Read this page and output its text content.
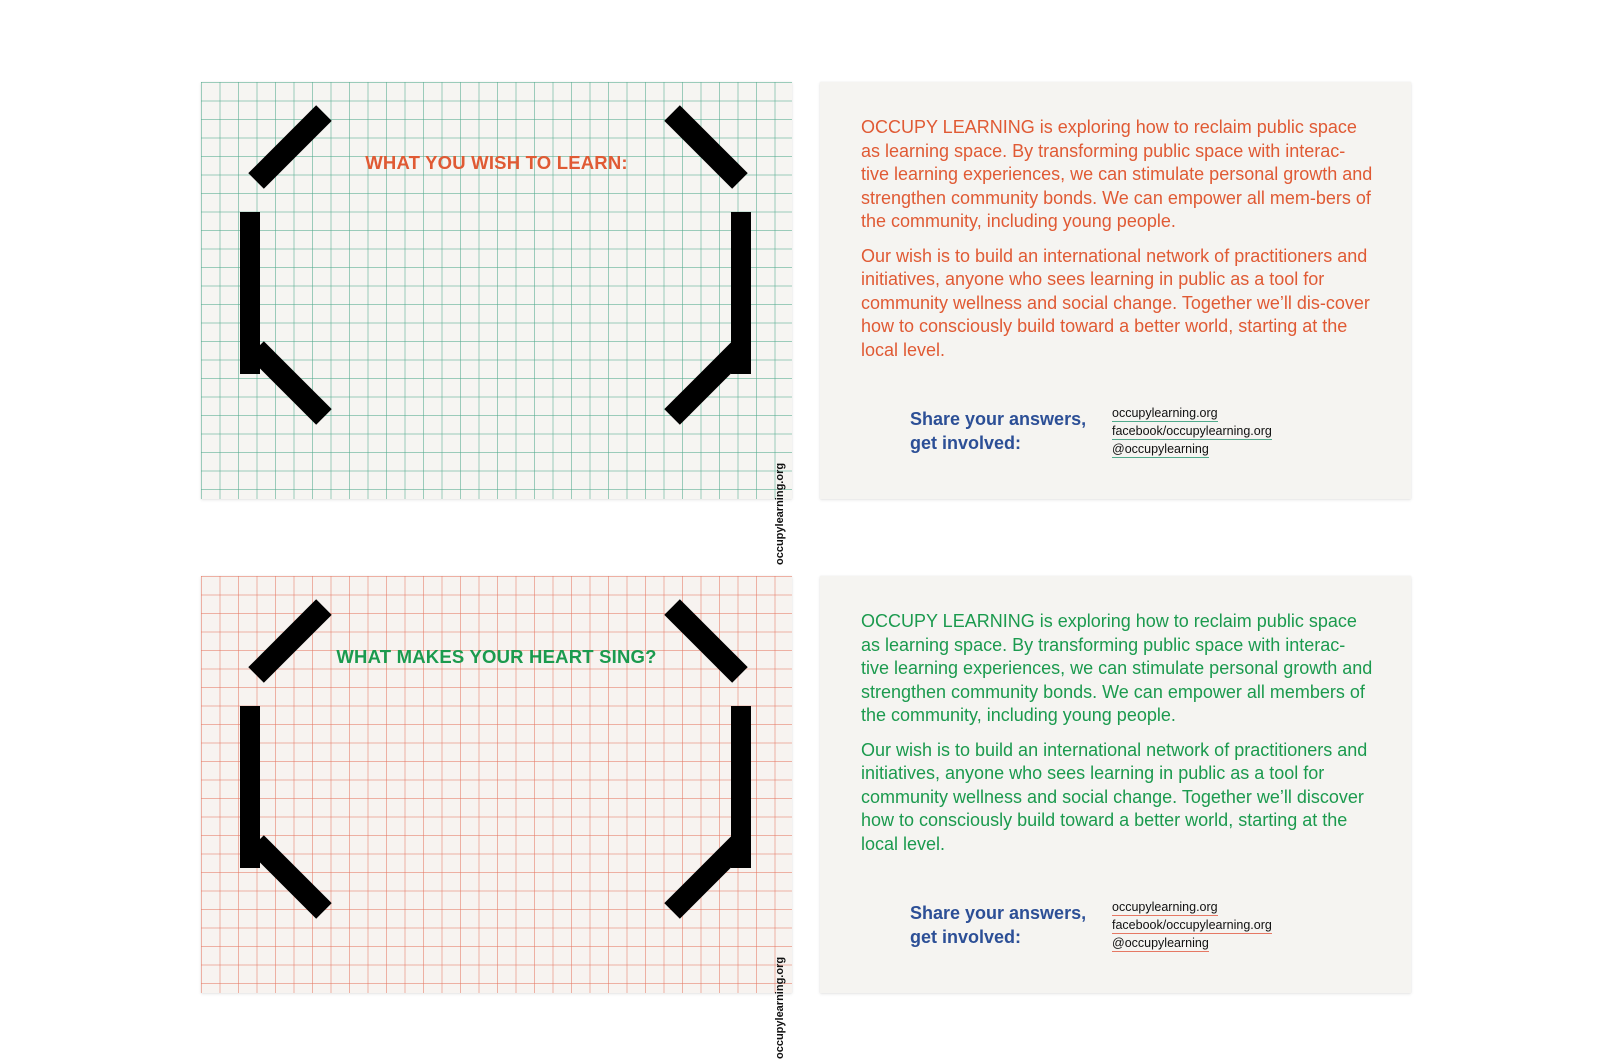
WHAT YOU WISH TO LEARN:
occupylearning.org

OCCUPY LEARNING is exploring how to reclaim public space as learning space. By transforming public space with interac-tive learning experiences, we can stimulate personal growth and strengthen community bonds. We can empower all mem-bers of the community, including young people.

Our wish is to build an international network of practitioners and initiatives, anyone who sees learning in public as a tool for community wellness and social change. Together we’ll dis-cover how to consciously build toward a better world, starting at the local level.

Share your answers, get involved:
occupylearning.org
facebook/occupylearning.org
@occupylearning
WHAT MAKES YOUR HEART SING?
occupylearning.org

OCCUPY LEARNING is exploring how to reclaim public space as learning space. By transforming public space with interac-tive learning experiences, we can stimulate personal growth and strengthen community bonds. We can empower all members of the community, including young people.

Our wish is to build an international network of practitioners and initiatives, anyone who sees learning in public as a tool for community wellness and social change. Together we’ll discover how to consciously build toward a better world, starting at the local level.

Share your answers, get involved:
occupylearning.org
facebook/occupylearning.org
@occupylearning
